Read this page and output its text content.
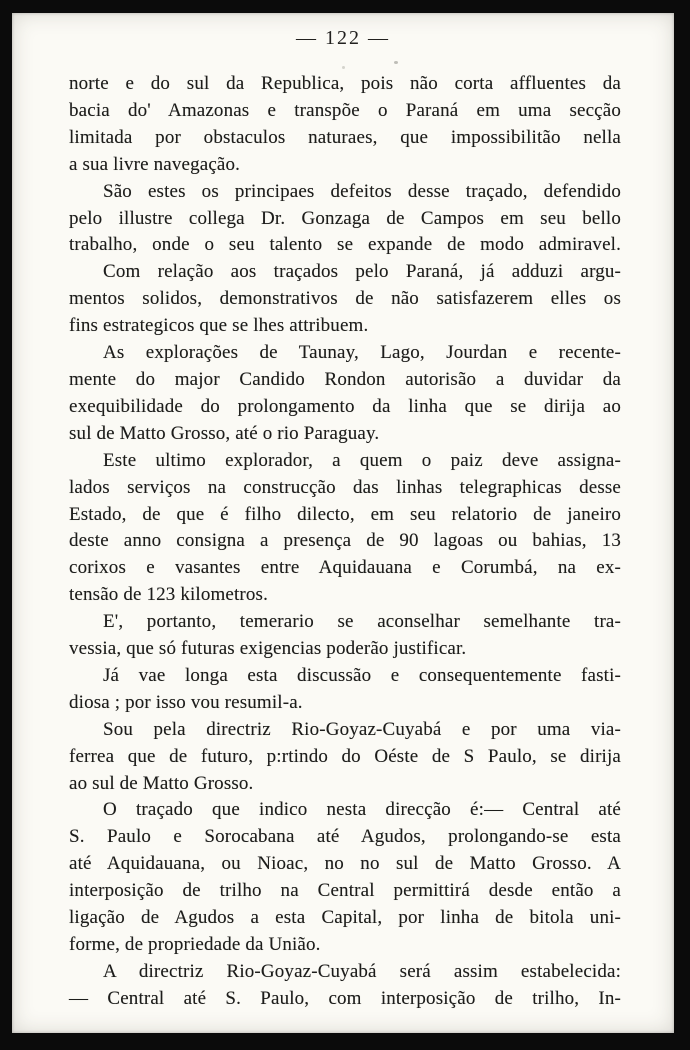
— 122 —
norte e do sul da Republica, pois não corta affluentes da
bacia do' Amazonas e transpõe o Paraná em uma secção
limitada por obstaculos naturaes, que impossibilitão nella
a sua livre navegação.
São estes os principaes defeitos desse traçado, defendido
pelo illustre collega Dr. Gonzaga de Campos em seu bello
trabalho, onde o seu talento se expande de modo admiravel.
Com relação aos traçados pelo Paraná, já adduzi argu-
mentos solidos, demonstrativos de não satisfazerem elles os
fins estrategicos que se lhes attribuem.
As explorações de Taunay, Lago, Jourdan e recente-
mente do major Candido Rondon autorisão a duvidar da
exequibilidade do prolongamento da linha que se dirija ao
sul de Matto Grosso, até o rio Paraguay.
Este ultimo explorador, a quem o paiz deve assigna-
lados serviços na construcção das linhas telegraphicas desse
Estado, de que é filho dilecto, em seu relatorio de janeiro
deste anno consigna a presença de 90 lagoas ou bahias, 13
corixos e vasantes entre Aquidauana e Corumbá, na ex-
tensão de 123 kilometros.
E', portanto, temerario se aconselhar semelhante tra-
vessia, que só futuras exigencias poderão justificar.
Já vae longa esta discussão e consequentemente fasti-
diosa ; por isso vou resumil-a.
Sou pela directriz Rio-Goyaz-Cuyabá e por uma via-
ferrea que de futuro, p:rtindo do Oéste de S Paulo, se dirija
ao sul de Matto Grosso.
O traçado que indico nesta direcção é:— Central até
S. Paulo e Sorocabana até Agudos, prolongando-se esta
até Aquidauana, ou Nioac, no no sul de Matto Grosso. A
interposição de trilho na Central permittirá desde então a
ligação de Agudos a esta Capital, por linha de bitola uni-
forme, de propriedade da União.
A directriz Rio-Goyaz-Cuyabá será assim estabelecida:
— Central até S. Paulo, com interposição de trilho, In-
